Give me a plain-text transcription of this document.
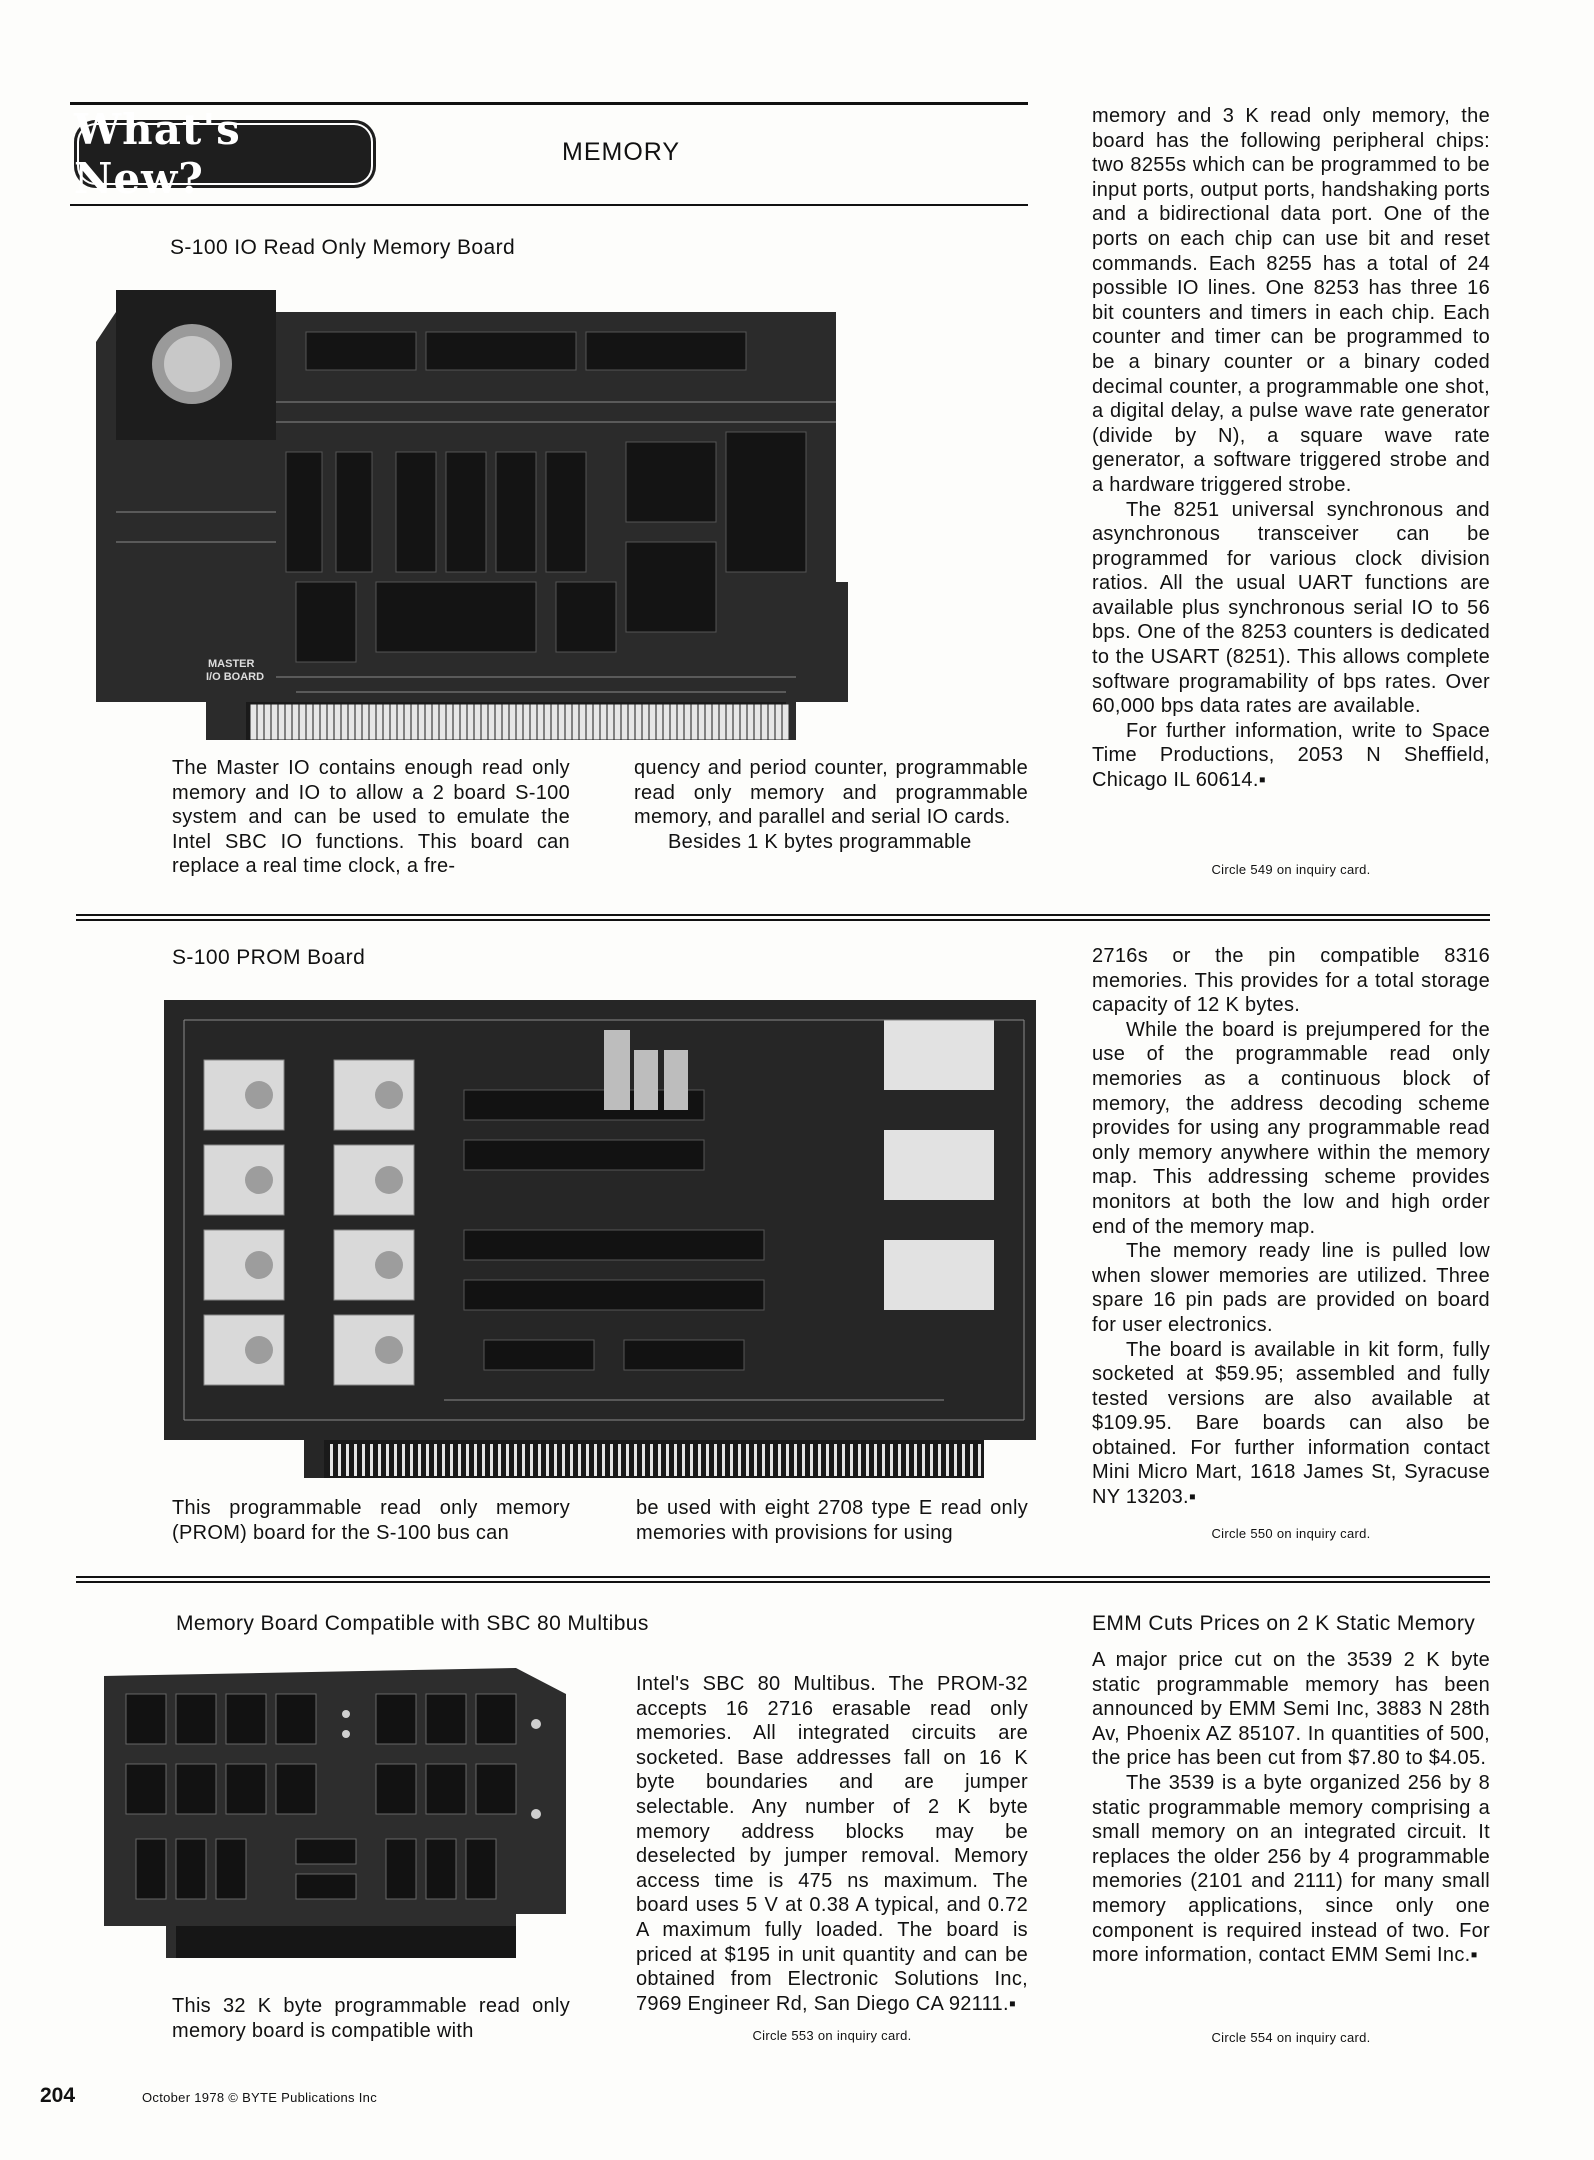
What's New?
MEMORY
S-100 IO Read Only Memory Board
MASTER
I/O BOARD

The Master IO contains enough read only memory and IO to allow a 2 board S-100 system and can be used to emulate the Intel SBC IO functions. This board can replace a real time clock, a fre-

quency and period counter, programmable read only memory and programmable memory, and parallel and serial IO cards.

Besides 1 K bytes programmable

memory and 3 K read only memory, the board has the following peripheral chips: two 8255s which can be programmed to be input ports, output ports, handshaking ports and a bidirectional data port. One of the ports on each chip can use bit and reset commands. Each 8255 has a total of 24 possible IO lines. One 8253 has three 16 bit counters and timers in each chip. Each counter and timer can be programmed to be a binary counter or a binary coded decimal counter, a programmable one shot, a digital delay, a pulse wave rate generator (divide by N), a square wave rate generator, a software triggered strobe and a hardware triggered strobe.

The 8251 universal synchronous and asynchronous transceiver can be programmed for various clock division ratios. All the usual UART functions are available plus synchronous serial IO to 56 bps. One of the 8253 counters is dedicated to the USART (8251). This allows complete software programability of bps rates. Over 60,000 bps data rates are available.

For further information, write to Space Time Productions, 2053 N Sheffield, Chicago IL 60614.▪

Circle 549 on inquiry card.
S-100 PROM Board

This programmable read only memory (PROM) board for the S-100 bus can

be used with eight 2708 type E read only memories with provisions for using

2716s or the pin compatible 8316 memories. This provides for a total storage capacity of 12 K bytes.

While the board is prejumpered for the use of the programmable read only memories as a continuous block of memory, the address decoding scheme provides for using any programmable read only memory anywhere within the memory map. This addressing scheme provides monitors at both the low and high order end of the memory map.

The memory ready line is pulled low when slower memories are utilized. Three spare 16 pin pads are provided on board for user electronics.

The board is available in kit form, fully socketed at $59.95; assembled and fully tested versions are also available at $109.95. Bare boards can also be obtained. For further information contact Mini Micro Mart, 1618 James St, Syracuse NY 13203.▪

Circle 550 on inquiry card.
Memory Board Compatible with SBC 80 Multibus

This 32 K byte programmable read only memory board is compatible with

Intel's SBC 80 Multibus. The PROM-32 accepts 16 2716 erasable read only memories. All integrated circuits are socketed. Base addresses fall on 16 K byte boundaries and are jumper selectable. Any number of 2 K byte memory address blocks may be deselected by jumper removal. Memory access time is 475 ns maximum. The board uses 5 V at 0.38 A typical, and 0.72 A maximum fully loaded. The board is priced at $195 in unit quantity and can be obtained from Electronic Solutions Inc, 7969 Engineer Rd, San Diego CA 92111.▪

Circle 553 on inquiry card.
EMM Cuts Prices on 2 K Static Memory

A major price cut on the 3539 2 K byte static programmable memory has been announced by EMM Semi Inc, 3883 N 28th Av, Phoenix AZ 85107. In quantities of 500, the price has been cut from $7.80 to $4.05.

The 3539 is a byte organized 256 by 8 static programmable memory comprising a small memory on an integrated circuit. It replaces the older 256 by 4 programmable memories (2101 and 2111) for many small memory applications, since only one component is required instead of two. For more information, contact EMM Semi Inc.▪

Circle 554 on inquiry card.
204	October 1978 © BYTE Publications Inc
